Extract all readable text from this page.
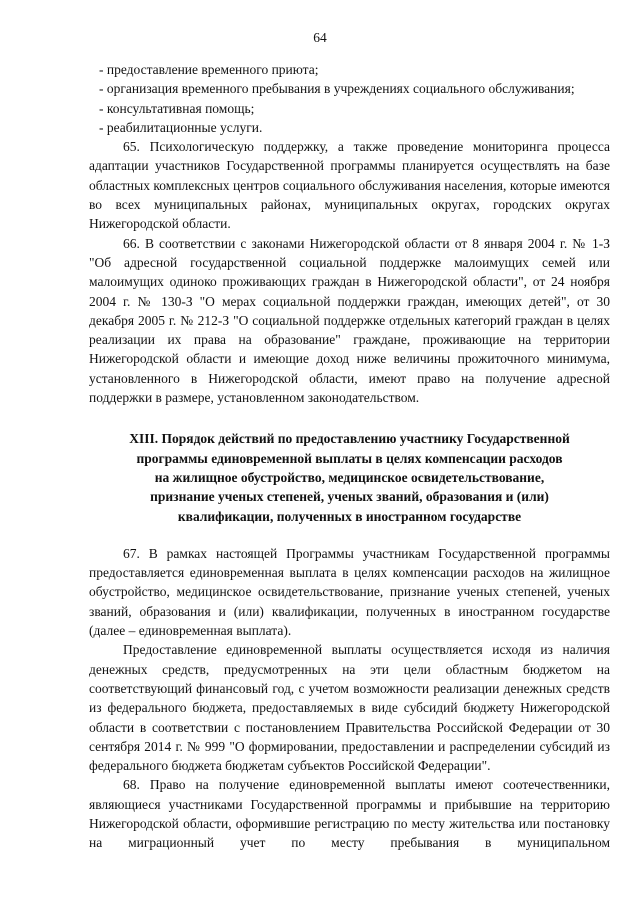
64

- предоставление временного приюта;

- организация временного пребывания в учреждениях социального обслуживания;

- консультативная помощь;

- реабилитационные услуги.

65. Психологическую поддержку, а также проведение мониторинга процесса адаптации участников Государственной программы планируется осуществлять на базе областных комплексных центров социального обслуживания населения, которые имеются во всех муниципальных районах, муниципальных округах, городских округах Нижегородской области.

66. В соответствии с законами Нижегородской области от 8 января 2004 г. № 1-З "Об адресной государственной социальной поддержке малоимущих семей или малоимущих одиноко проживающих граждан в Нижегородской области", от 24 ноября 2004 г. № 130-З "О мерах социальной поддержки граждан, имеющих детей", от 30 декабря 2005 г. № 212-З "О социальной поддержке отдельных категорий граждан в целях реализации их права на образование" граждане, проживающие на территории Нижегородской области и имеющие доход ниже величины прожиточного минимума, установленного в Нижегородской области, имеют право на получение адресной поддержки в размере, установленном законодательством.

XIII. Порядок действий по предоставлению участнику Государственной
программы единовременной выплаты в целях компенсации расходов
на жилищное обустройство, медицинское освидетельствование,
признание ученых степеней, ученых званий, образования и (или)
квалификации, полученных в иностранном государстве

67. В рамках настоящей Программы участникам Государственной программы предоставляется единовременная выплата в целях компенсации расходов на жилищное обустройство, медицинское освидетельствование, признание ученых степеней, ученых званий, образования и (или) квалификации, полученных в иностранном государстве (далее – единовременная выплата).

Предоставление единовременной выплаты осуществляется исходя из наличия денежных средств, предусмотренных на эти цели областным бюджетом на соответствующий финансовый год, с учетом возможности реализации денежных средств из федерального бюджета, предоставляемых в виде субсидий бюджету Нижегородской области в соответствии с постановлением Правительства Российской Федерации от 30 сентября 2014 г. № 999 "О формировании, предоставлении и распределении субсидий из федерального бюджета бюджетам субъектов Российской Федерации".

68. Право на получение единовременной выплаты имеют соотечественники, являющиеся участниками Государственной программы и прибывшие на территорию Нижегородской области, оформившие регистрацию по месту жительства или постановку на миграционный учет по месту пребывания в муниципальном
